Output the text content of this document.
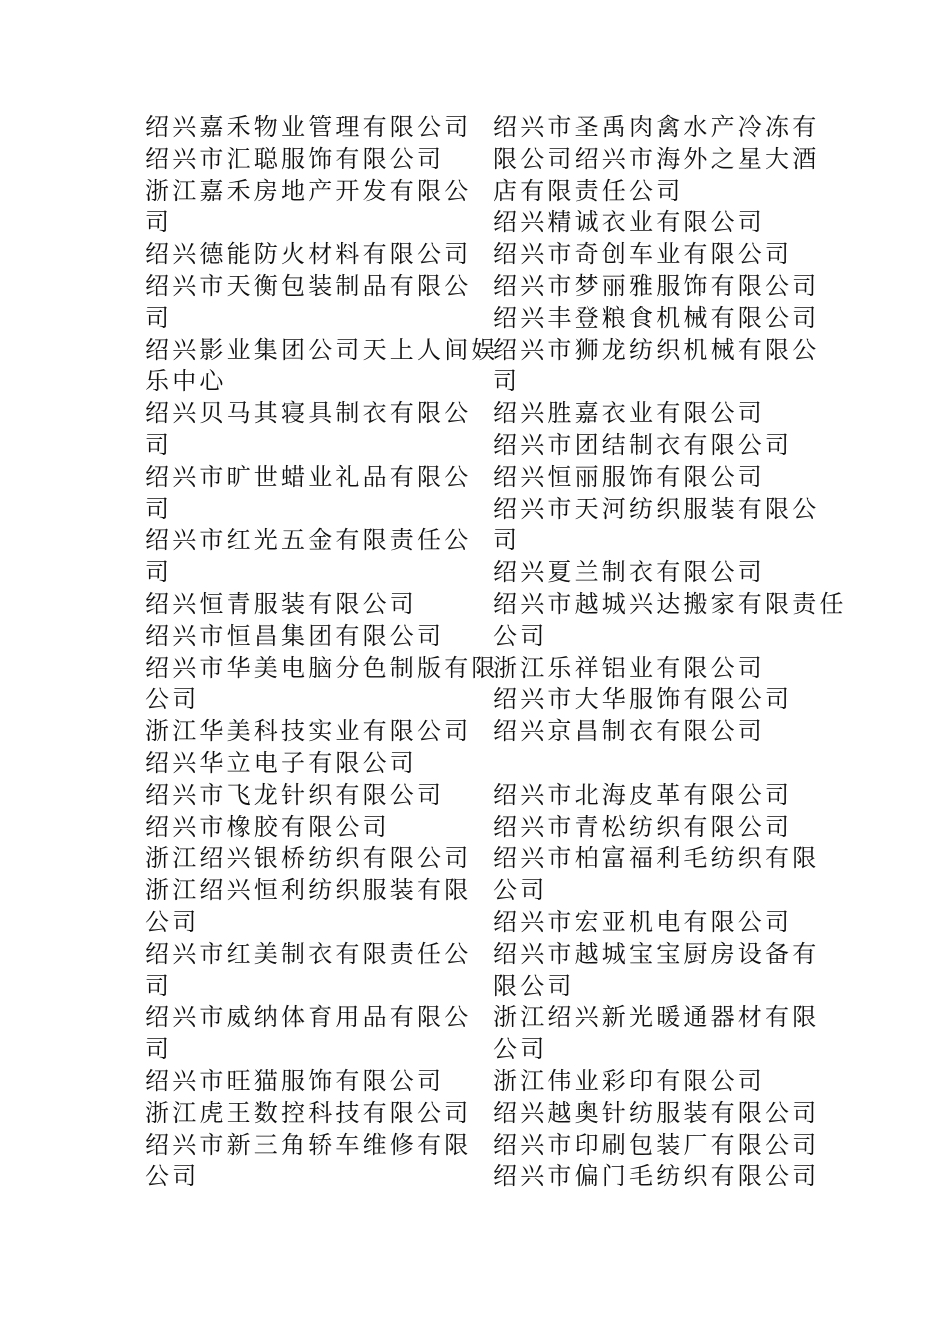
绍兴嘉禾物业管理有限公司
绍兴市汇聪服饰有限公司
浙江嘉禾房地产开发有限公
司
绍兴德能防火材料有限公司
绍兴市天衡包装制品有限公
司
绍兴影业集团公司天上人间娱
乐中心
绍兴贝马其寝具制衣有限公
司
绍兴市旷世蜡业礼品有限公
司
绍兴市红光五金有限责任公
司
绍兴恒青服装有限公司
绍兴市恒昌集团有限公司
绍兴市华美电脑分色制版有限
公司
浙江华美科技实业有限公司
绍兴华立电子有限公司
绍兴市飞龙针织有限公司
绍兴市橡胶有限公司
浙江绍兴银桥纺织有限公司
浙江绍兴恒利纺织服装有限
公司
绍兴市红美制衣有限责任公
司
绍兴市威纳体育用品有限公
司
绍兴市旺猫服饰有限公司
浙江虎王数控科技有限公司
绍兴市新三角轿车维修有限
公司
绍兴市圣禹肉禽水产冷冻有
限公司绍兴市海外之星大酒
店有限责任公司
绍兴精诚衣业有限公司
绍兴市奇创车业有限公司
绍兴市梦丽雅服饰有限公司
绍兴丰登粮食机械有限公司
绍兴市狮龙纺织机械有限公
司
绍兴胜嘉衣业有限公司
绍兴市团结制衣有限公司
绍兴恒丽服饰有限公司
绍兴市天河纺织服装有限公
司
绍兴夏兰制衣有限公司
绍兴市越城兴达搬家有限责任
公司
浙江乐祥铝业有限公司
绍兴市大华服饰有限公司
绍兴京昌制衣有限公司
绍兴市北海皮革有限公司
绍兴市青松纺织有限公司
绍兴市柏富福利毛纺织有限
公司
绍兴市宏亚机电有限公司
绍兴市越城宝宝厨房设备有
限公司
浙江绍兴新光暖通器材有限
公司
浙江伟业彩印有限公司
绍兴越奥针纺服装有限公司
绍兴市印刷包装厂有限公司
绍兴市偏门毛纺织有限公司
